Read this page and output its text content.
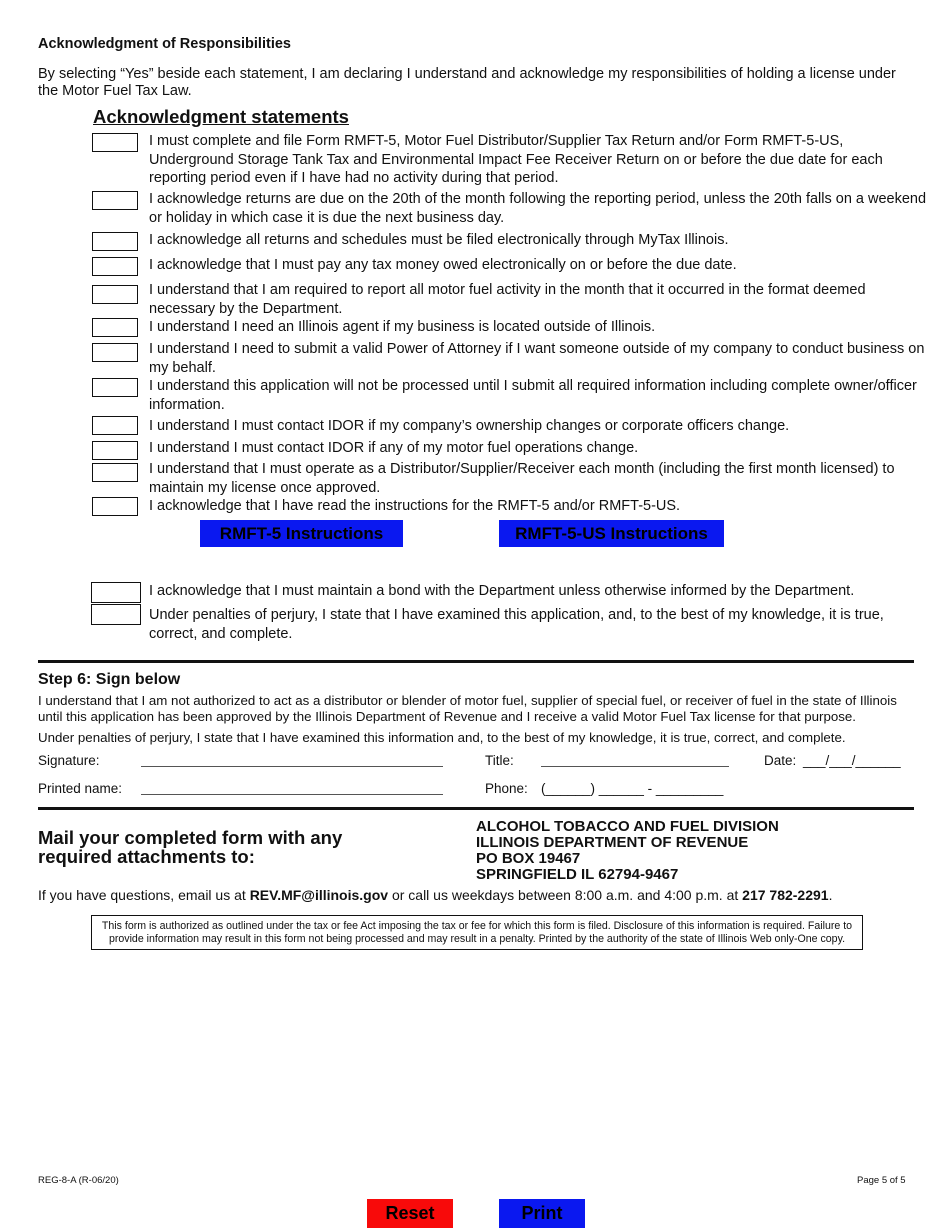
Acknowledgment of Responsibilities
By selecting “Yes” beside each statement, I am declaring I understand and acknowledge my responsibilities of holding a license under the Motor Fuel Tax Law.
Acknowledgment statements
I must complete and file Form RMFT-5, Motor Fuel Distributor/Supplier Tax Return and/or Form RMFT-5-US, Underground Storage Tank Tax and Environmental Impact Fee Receiver Return on or before the due date for each reporting period even if I have had no activity during that period.
I acknowledge returns are due on the 20th of the month following the reporting period, unless the 20th falls on a weekend or holiday in which case it is due the next business day.
I acknowledge all returns and schedules must be filed electronically through MyTax Illinois.
I acknowledge that I must pay any tax money owed electronically on or before the due date.
I understand that I am required to report all motor fuel activity in the month that it occurred in the format deemed necessary by the Department.
I understand I need an Illinois agent if my business is located outside of Illinois.
I understand I need to submit a valid Power of Attorney if I want someone outside of my company to conduct business on my behalf.
I understand this application will not be processed until I submit all required information including complete owner/officer information.
I understand I must contact IDOR if my company’s ownership changes or corporate officers change.
I understand I must contact IDOR if any of my motor fuel operations change.
I understand that I must operate as a Distributor/Supplier/Receiver each month (including the first month licensed) to maintain my license once approved.
I acknowledge that I have read the instructions for the RMFT-5 and/or RMFT-5-US.
RMFT-5 Instructions	RMFT-5-US Instructions
I acknowledge that I must maintain a bond with the Department unless otherwise informed by the Department.
Under penalties of perjury, I state that I have examined this application, and, to the best of my knowledge, it is true, correct, and complete.
Step 6: Sign below
I understand that I am not authorized to act as a distributor or blender of motor fuel, supplier of special fuel, or receiver of fuel in the state of Illinois until this application has been approved by the Illinois Department of Revenue and I receive a valid Motor Fuel Tax license for that purpose.
Under penalties of perjury, I state that I have examined this information and, to the best of my knowledge, it is true, correct, and complete.
Signature:	Title:	Date: ___/___/______
Printed name:	Phone: (______) ______ - _________
Mail your completed form with any required attachments to:
ALCOHOL TOBACCO AND FUEL DIVISION
ILLINOIS DEPARTMENT OF REVENUE
PO BOX 19467
SPRINGFIELD IL 62794-9467
If you have questions, email us at REV.MF@illinois.gov or call us weekdays between 8:00 a.m. and 4:00 p.m. at 217 782-2291.
This form is authorized as outlined under the tax or fee Act imposing the tax or fee for which this form is filed. Disclosure of this information is required. Failure to provide information may result in this form not being processed and may result in a penalty. Printed by the authority of the state of Illinois Web only-One copy.
REG-8-A (R-06/20)	Page 5 of 5
Reset	Print
